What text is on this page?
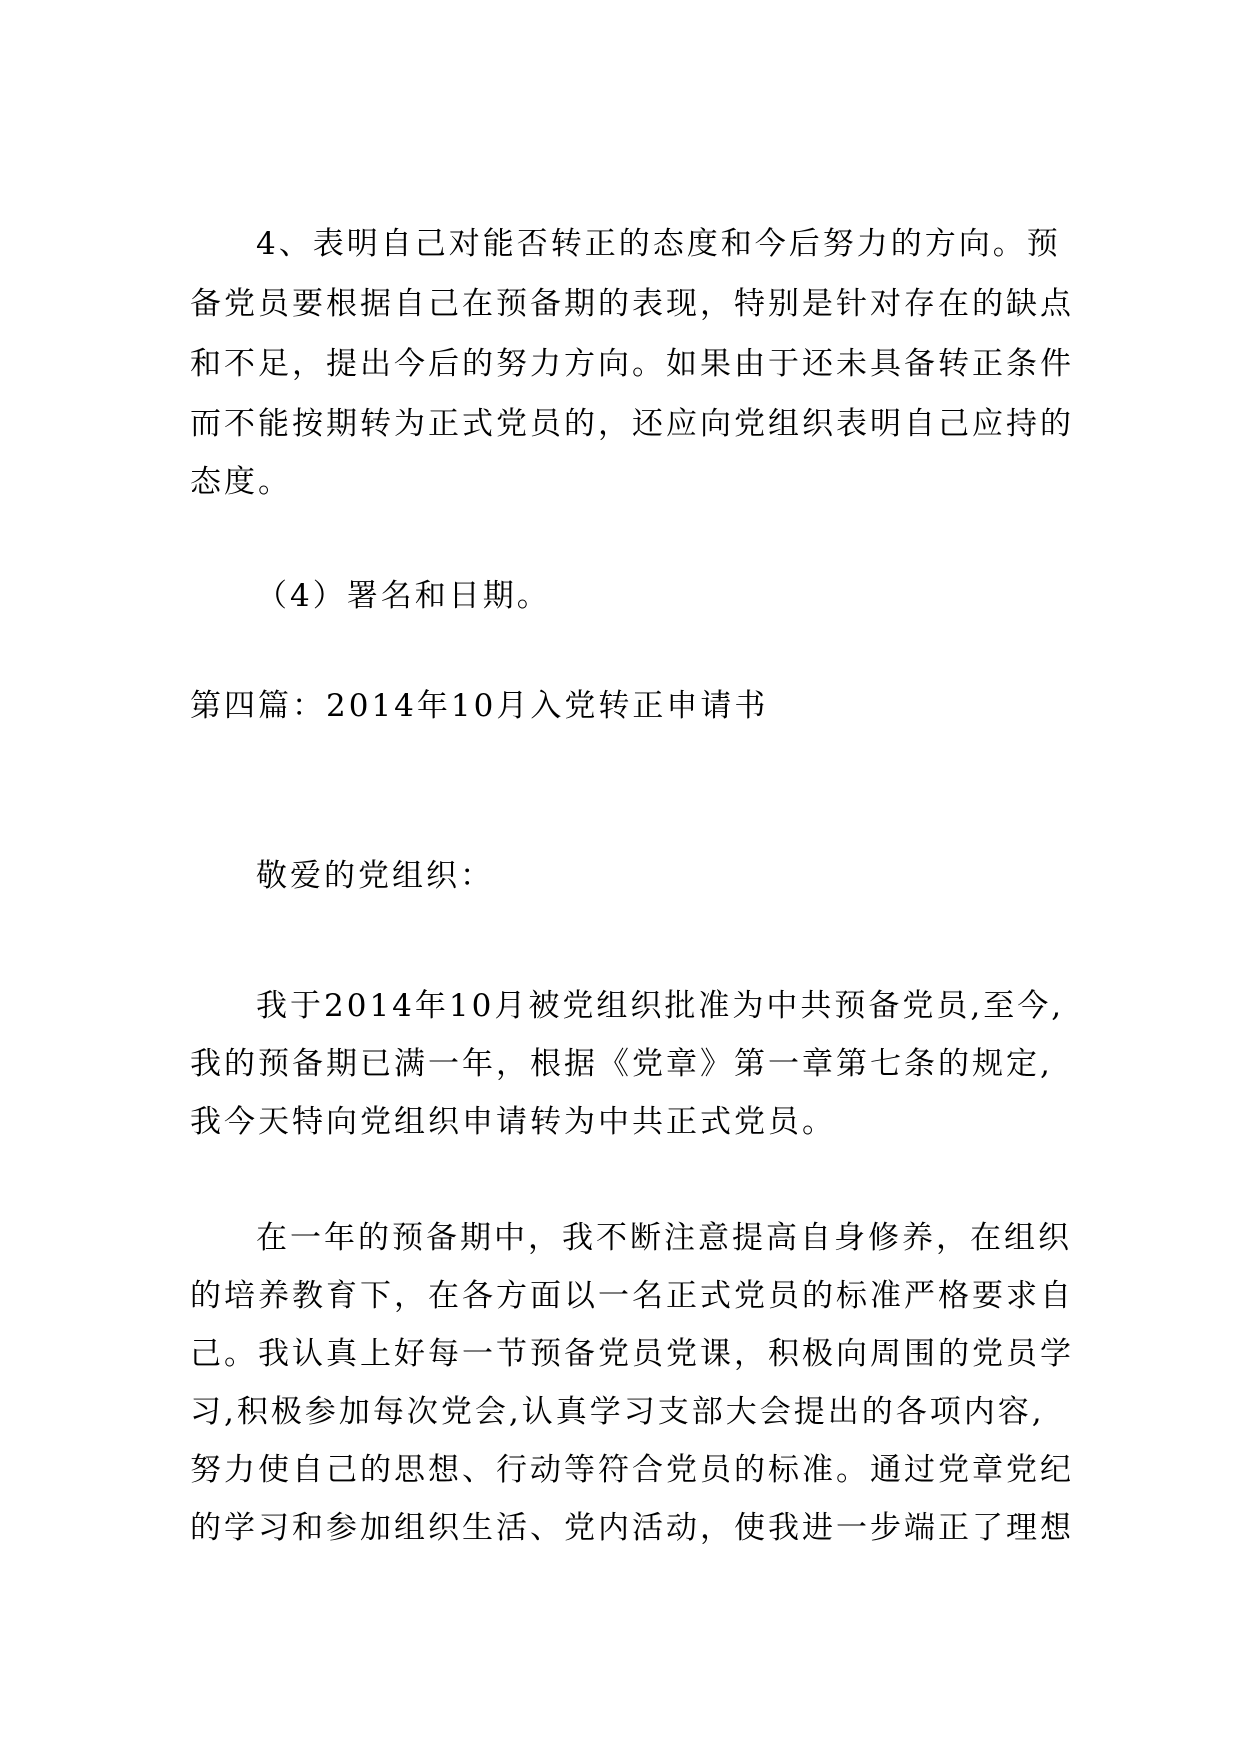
4、表明自己对能否转正的态度和今后努力的方向。预

备党员要根据自己在预备期的表现，特别是针对存在的缺点

和不足，提出今后的努力方向。如果由于还未具备转正条件

而不能按期转为正式党员的，还应向党组织表明自己应持的

态度。

（4）署名和日期。

第四篇：2014年10月入党转正申请书

敬爱的党组织：

我于2014年10月被党组织批准为中共预备党员,至今,

我的预备期已满一年，根据《党章》第一章第七条的规定,

我今天特向党组织申请转为中共正式党员。

在一年的预备期中，我不断注意提高自身修养，在组织

的培养教育下，在各方面以一名正式党员的标准严格要求自

己。我认真上好每一节预备党员党课，积极向周围的党员学

习,积极参加每次党会,认真学习支部大会提出的各项内容,

努力使自己的思想、行动等符合党员的标准。通过党章党纪

的学习和参加组织生活、党内活动，使我进一步端正了理想
